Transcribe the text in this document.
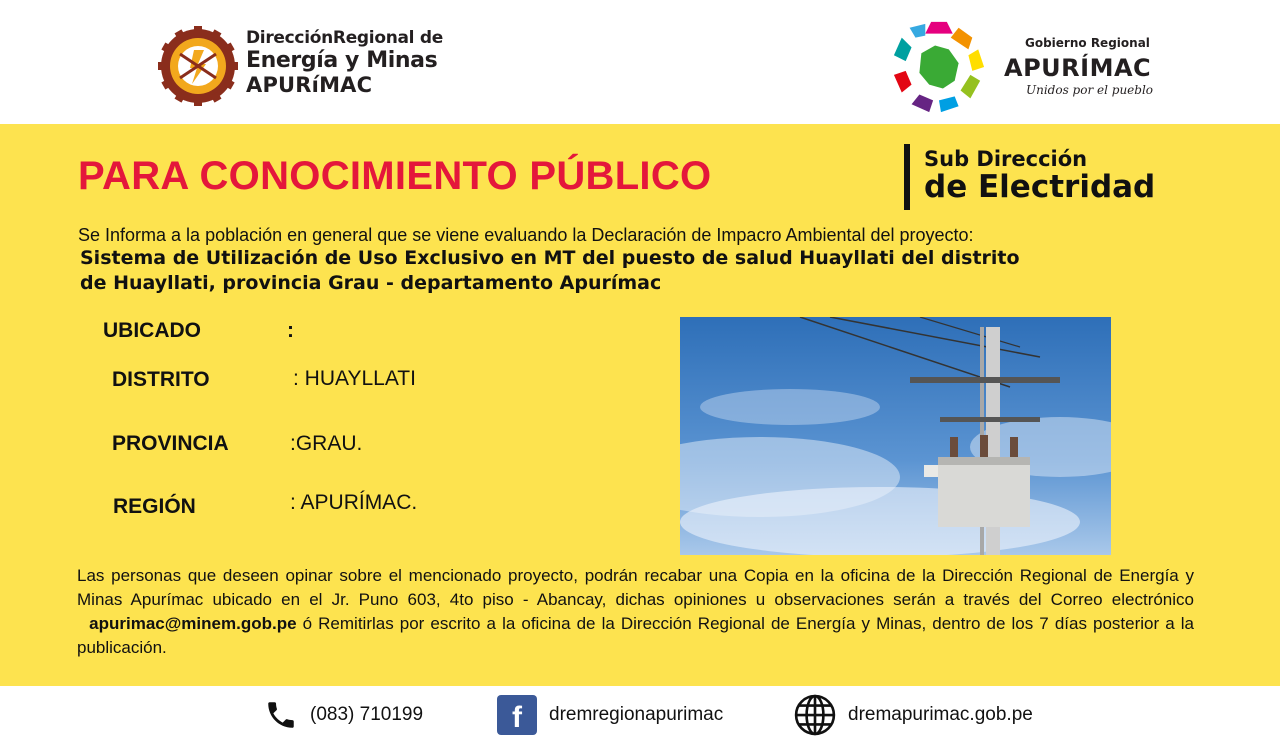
DirecciónRegional de
Energía y Minas
APURíMAC
Gobierno Regional
APURÍMAC
Unidos por el pueblo
PARA CONOCIMIENTO PÚBLICO	Sub Dirección
de Electridad
Se Informa a la población en general que se viene evaluando la Declaración de Impacro Ambiental del proyecto:
Sistema de Utilización de Uso Exclusivo en MT del puesto de salud Huayllati del distrito
de Huayllati, provincia Grau - departamento Apurímac
UBICADO	:
DISTRITO	: HUAYLLATI
PROVINCIA	:GRAU.
REGIÓN	: APURÍMAC.
Las personas que deseen opinar sobre el mencionado proyecto, podrán recabar una Copia en la oficina de la Dirección Regional de Energía y Minas Apurímac ubicado en el Jr. Puno 603, 4to piso - Abancay, dichas opiniones u observaciones serán a través del Correo electrónico   apurimac@minem.gob.pe ó Remitirlas por escrito a la oficina de la Dirección Regional de Energía y Minas, dentro de los 7 días posterior a la publicación.
(083) 710199	f	dremregionapurimac	dremapurimac.gob.pe
